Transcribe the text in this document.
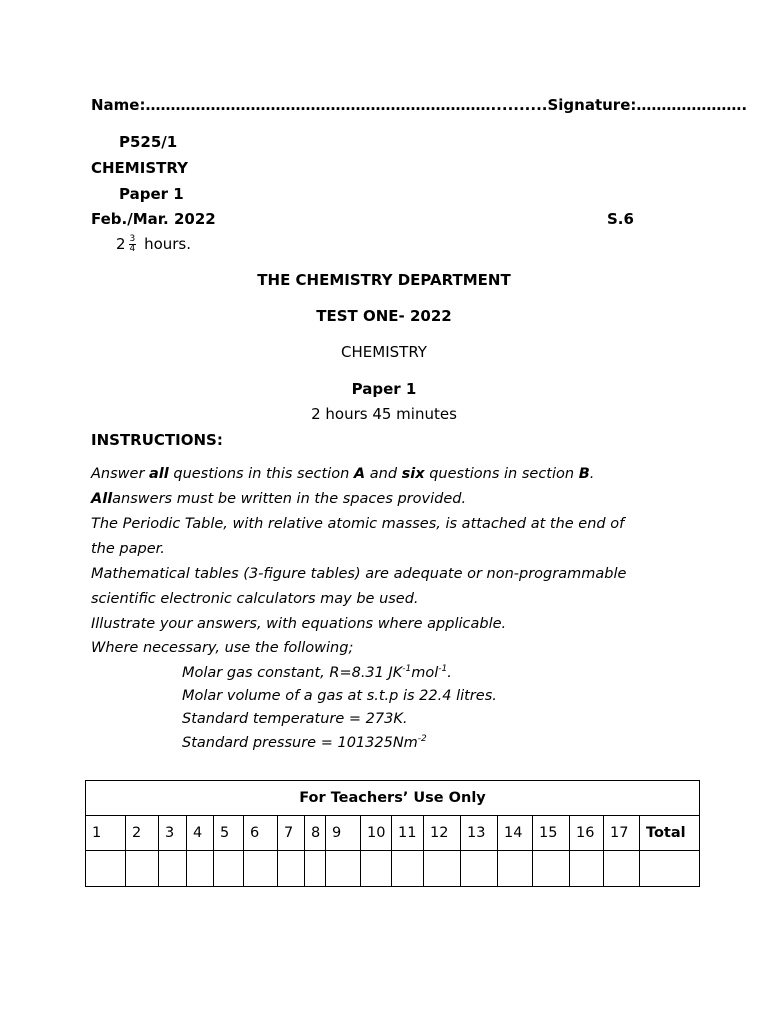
Name:……………………………………………………………..........Signature:………………….
P525/1
CHEMISTRY
Paper 1
Feb./Mar. 2022	S.6
$2 \frac{3}{4}$ hours.
THE CHEMISTRY DEPARTMENT
TEST ONE- 2022
CHEMISTRY
Paper 1
2 hours 45 minutes
INSTRUCTIONS:
Answer all questions in this section A and six questions in section B.
Allanswers must be written in the spaces provided.
The Periodic Table, with relative atomic masses, is attached at the end of
the paper.
Mathematical tables (3-figure tables) are adequate or non-programmable
scientific electronic calculators may be used.
Illustrate your answers, with equations where applicable.
Where necessary, use the following;
Molar gas constant, R=8.31 $JK^{-1}mol^{-1}$.
Molar volume of a gas at s.t.p is 22.4 litres.
Standard temperature = 273K.
Standard pressure = $101325Nm^{-2}$
For Teachers’ Use Only																	
1	2	3	4	5	6	7	8	9	10	11	12	13	14	15	16	17	Total
